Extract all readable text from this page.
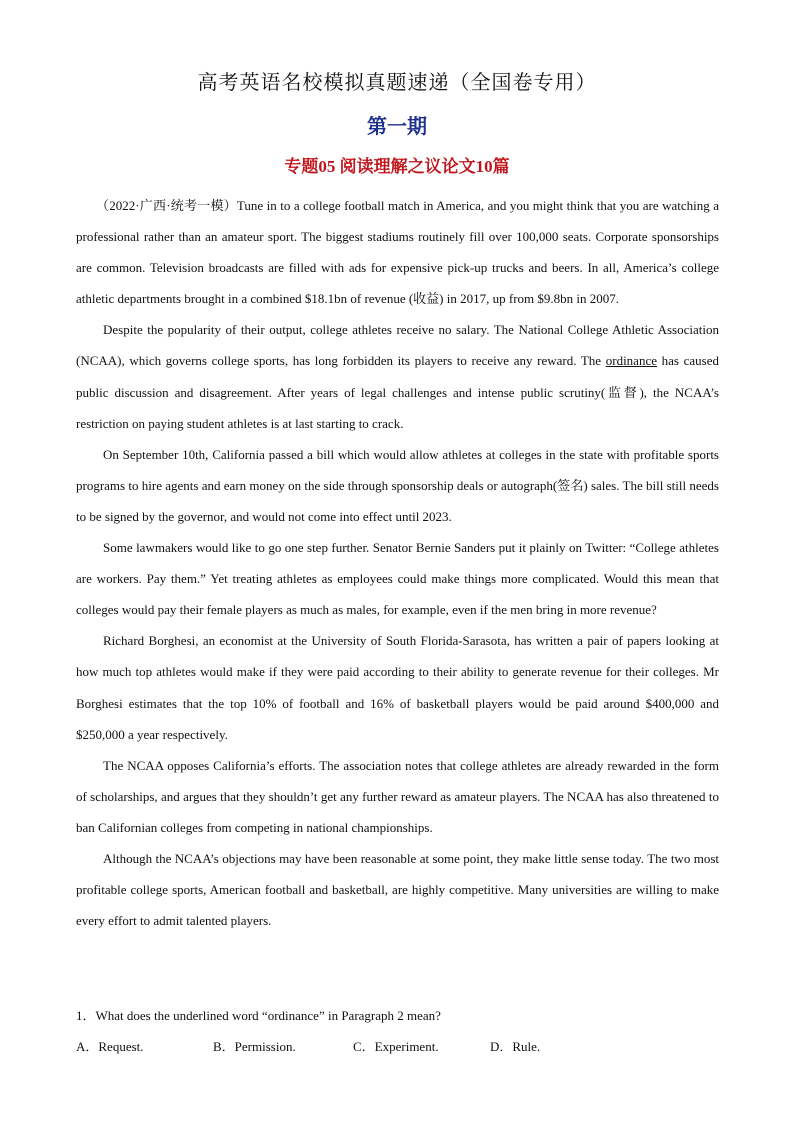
高考英语名校模拟真题速递（全国卷专用）
第一期
专题05 阅读理解之议论文10篇

（2022·广西·统考一模）Tune in to a college football match in America, and you might think that you are watching a professional rather than an amateur sport. The biggest stadiums routinely fill over 100,000 seats. Corporate sponsorships are common. Television broadcasts are filled with ads for expensive pick-up trucks and beers. In all, America’s college athletic departments brought in a combined $18.1bn of revenue (收益) in 2017, up from $9.8bn in 2007.

Despite the popularity of their output, college athletes receive no salary. The National College Athletic Association (NCAA), which governs college sports, has long forbidden its players to receive any reward. The ordinance has caused public discussion and disagreement. After years of legal challenges and intense public scrutiny(监督), the NCAA’s restriction on paying student athletes is at last starting to crack.

On September 10th, California passed a bill which would allow athletes at colleges in the state with profitable sports programs to hire agents and earn money on the side through sponsorship deals or autograph(签名) sales. The bill still needs to be signed by the governor, and would not come into effect until 2023.

Some lawmakers would like to go one step further. Senator Bernie Sanders put it plainly on Twitter: “College athletes are workers. Pay them.” Yet treating athletes as employees could make things more complicated. Would this mean that colleges would pay their female players as much as males, for example, even if the men bring in more revenue?

Richard Borghesi, an economist at the University of South Florida-Sarasota, has written a pair of papers looking at how much top athletes would make if they were paid according to their ability to generate revenue for their colleges. Mr Borghesi estimates that the top 10% of football and 16% of basketball players would be paid around $400,000 and $250,000 a year respectively.

The NCAA opposes California’s efforts. The association notes that college athletes are already rewarded in the form of scholarships, and argues that they shouldn’t get any further reward as amateur players. The NCAA has also threatened to ban Californian colleges from competing in national championships.

Although the NCAA’s objections may have been reasonable at some point, they make little sense today. The two most profitable college sports, American football and basketball, are highly competitive. Many universities are willing to make every effort to admit talented players.

1．What does the underlined word “ordinance” in Paragraph 2 mean?
A．Request.	B．Permission.	C．Experiment.	D．Rule.
